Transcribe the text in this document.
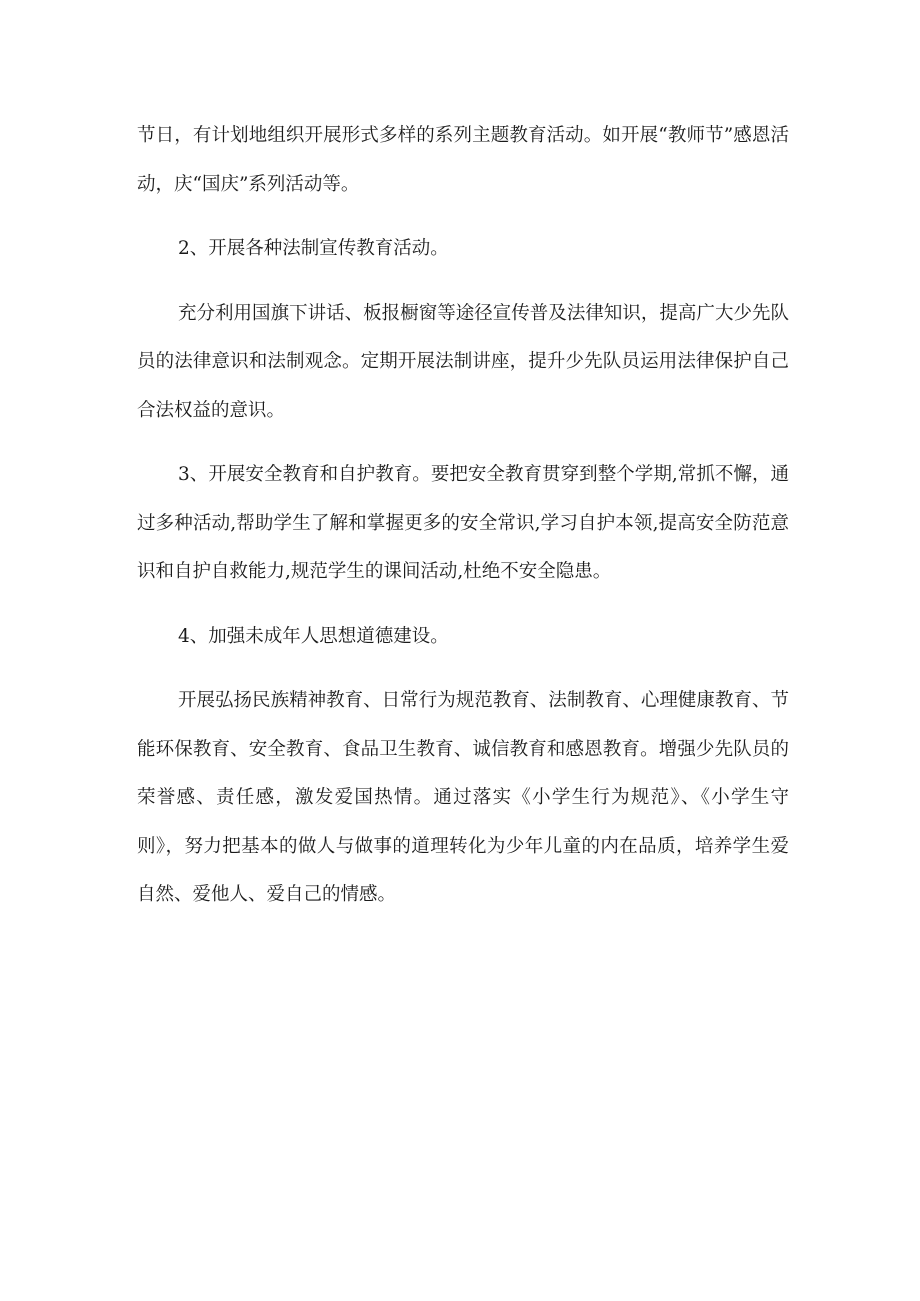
节日，有计划地组织开展形式多样的系列主题教育活动。如开展“教师节”感恩活动，庆“国庆”系列活动等。

2、开展各种法制宣传教育活动。

充分利用国旗下讲话、板报橱窗等途径宣传普及法律知识，提高广大少先队员的法律意识和法制观念。定期开展法制讲座，提升少先队员运用法律保护自己合法权益的意识。

3、开展安全教育和自护教育。要把安全教育贯穿到整个学期,常抓不懈，通过多种活动,帮助学生了解和掌握更多的安全常识,学习自护本领,提高安全防范意识和自护自救能力,规范学生的课间活动,杜绝不安全隐患。

4、加强未成年人思想道德建设。

开展弘扬民族精神教育、日常行为规范教育、法制教育、心理健康教育、节能环保教育、安全教育、食品卫生教育、诚信教育和感恩教育。增强少先队员的荣誉感、责任感，激发爱国热情。通过落实《小学生行为规范》、《小学生守则》，努力把基本的做人与做事的道理转化为少年儿童的内在品质，培养学生爱自然、爱他人、爱自己的情感。
